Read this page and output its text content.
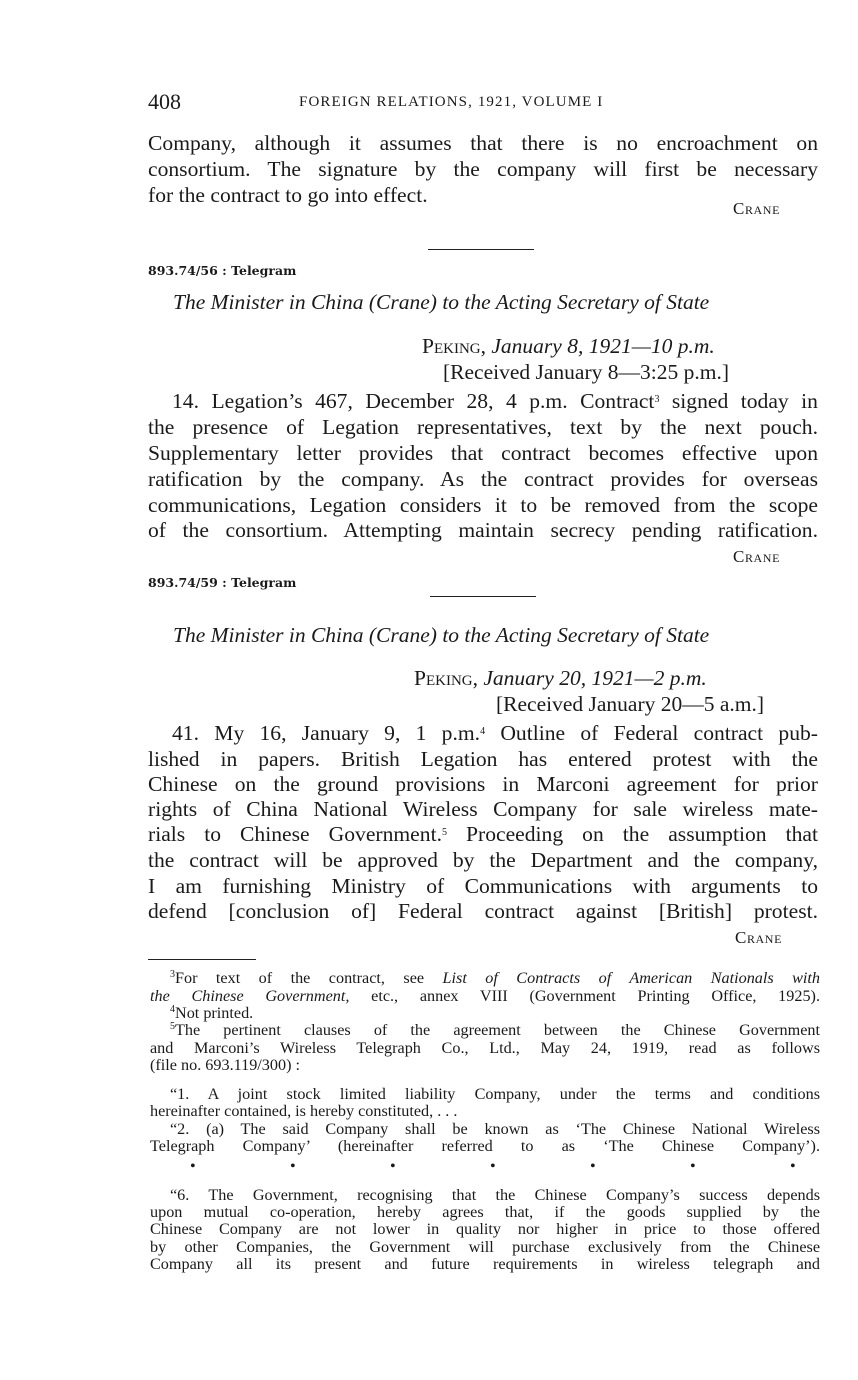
408	FOREIGN RELATIONS, 1921, VOLUME I
Company, although it assumes that there is no encroachment on
consortium. The signature by the company will first be necessary
for the contract to go into effect.
Crane
893.74/56 : Telegram
The Minister in China (Crane) to the Acting Secretary of State
Peking, January 8, 1921—10 p.m.
[Received January 8—3:25 p.m.]
14. Legation’s 467, December 28, 4 p.m. Contract$^3$ signed today in
the presence of Legation representatives, text by the next pouch.
Supplementary letter provides that contract becomes effective upon
ratification by the company. As the contract provides for overseas
communications, Legation considers it to be removed from the scope
of the consortium. Attempting maintain secrecy pending ratification.
Crane
893.74/59 : Telegram
The Minister in China (Crane) to the Acting Secretary of State
Peking, January 20, 1921—2 p.m.
[Received January 20—5 a.m.]
41. My 16, January 9, 1 p.m.$^4$ Outline of Federal contract pub-
lished in papers. British Legation has entered protest with the
Chinese on the ground provisions in Marconi agreement for prior
rights of China National Wireless Company for sale wireless mate-
rials to Chinese Government.$^5$ Proceeding on the assumption that
the contract will be approved by the Department and the company,
I am furnishing Ministry of Communications with arguments to
defend [conclusion of] Federal contract against [British] protest.
Crane
$^3$For text of the contract, see List of Contracts of American Nationals with
the Chinese Government, etc., annex VIII (Government Printing Office, 1925).
$^4$Not printed.
$^5$The pertinent clauses of the agreement between the Chinese Government
and Marconi’s Wireless Telegraph Co., Ltd., May 24, 1919, read as follows
(file no. 693.119/300) :
“1. A joint stock limited liability Company, under the terms and conditions
hereinafter contained, is hereby constituted, . . .
“2. (a) The said Company shall be known as ‘The Chinese National Wireless
Telegraph Company’ (hereinafter referred to as ‘The Chinese Company’).
•	•	•	•	•	•	•
“6. The Government, recognising that the Chinese Company’s success depends
upon mutual co-operation, hereby agrees that, if the goods supplied by the
Chinese Company are not lower in quality nor higher in price to those offered
by other Companies, the Government will purchase exclusively from the Chinese
Company all its present and future requirements in wireless telegraph and
